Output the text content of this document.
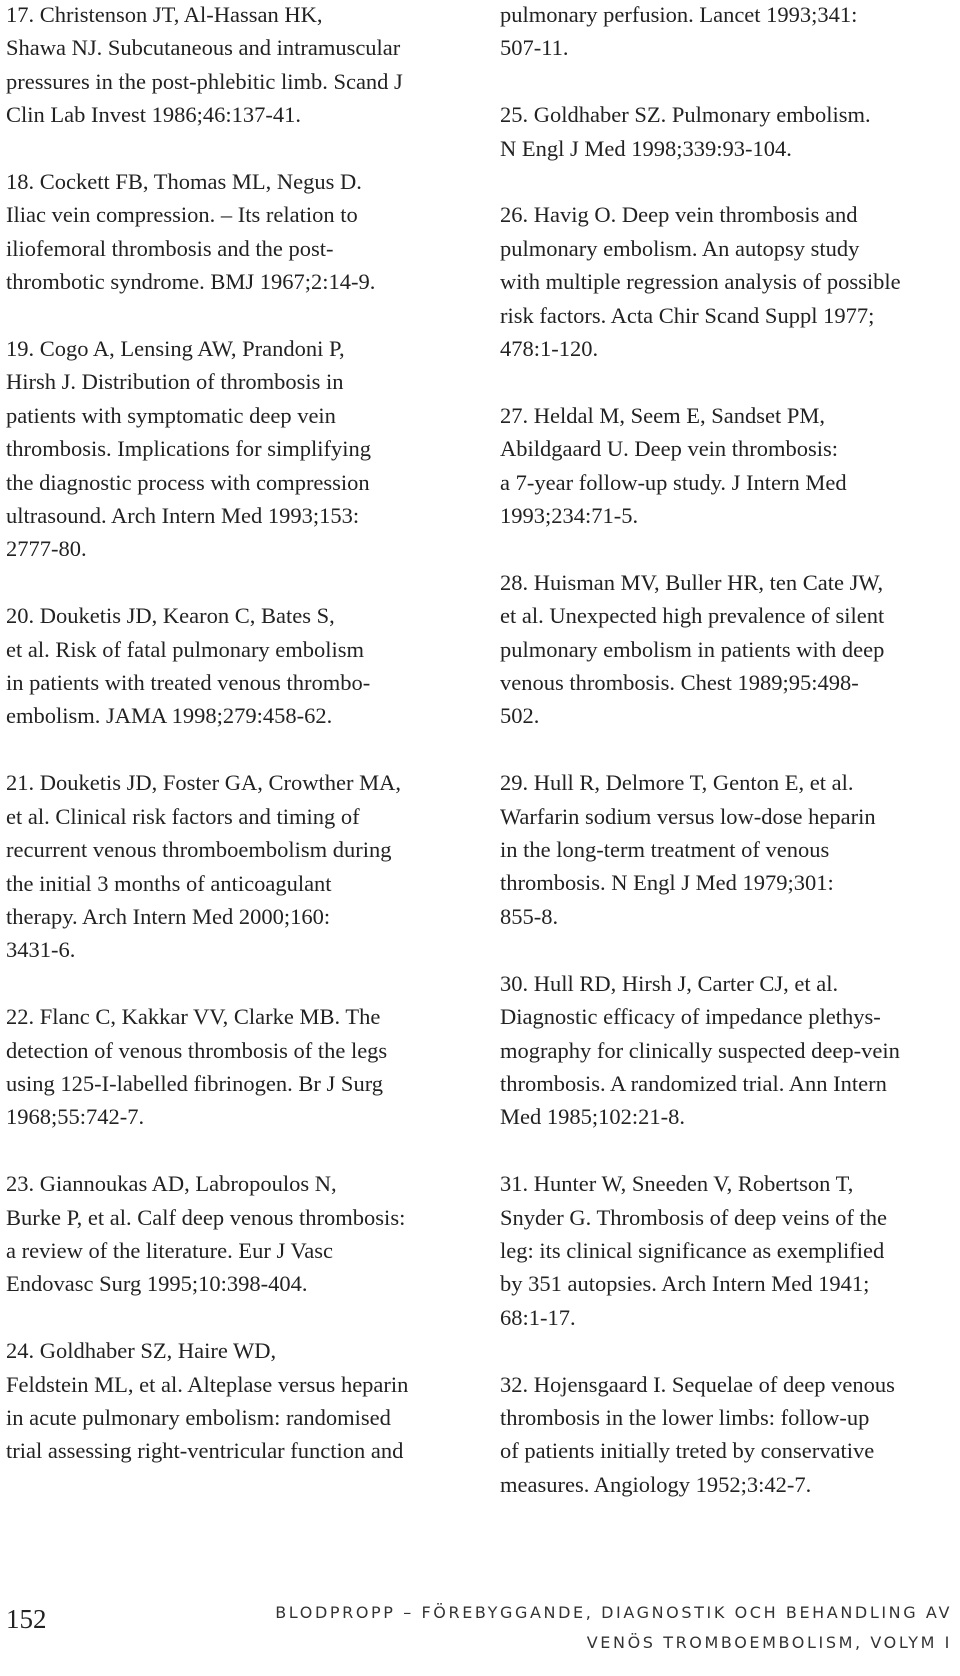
17. Christenson JT, Al-Hassan HK,
Shawa NJ. Subcutaneous and intramuscular
pressures in the post-phlebitic limb. Scand J
Clin Lab Invest 1986;46:137-41.
18. Cockett FB, Thomas ML, Negus D.
Iliac vein compression. – Its relation to
iliofemoral thrombosis and the post-
thrombotic syndrome. BMJ 1967;2:14-9.
19. Cogo A, Lensing AW, Prandoni P,
Hirsh J. Distribution of thrombosis in
patients with symptomatic deep vein
thrombosis. Implications for simplifying
the diagnostic process with compression
ultrasound. Arch Intern Med 1993;153:
2777-80.
20. Douketis JD, Kearon C, Bates S,
et al. Risk of fatal pulmonary embolism
in patients with treated venous thrombo-
embolism. JAMA 1998;279:458-62.
21. Douketis JD, Foster GA, Crowther MA,
et al. Clinical risk factors and timing of
recurrent venous thromboembolism during
the initial 3 months of anticoagulant
therapy. Arch Intern Med 2000;160:
3431-6.
22. Flanc C, Kakkar VV, Clarke MB. The
detection of venous thrombosis of the legs
using 125-I-labelled fibrinogen. Br J Surg
1968;55:742-7.
23. Giannoukas AD, Labropoulos N,
Burke P, et al. Calf deep venous thrombosis:
a review of the literature. Eur J Vasc
Endovasc Surg 1995;10:398-404.
24. Goldhaber SZ, Haire WD,
Feldstein ML, et al. Alteplase versus heparin
in acute pulmonary embolism: randomised
trial assessing right-ventricular function and
pulmonary perfusion. Lancet 1993;341:
507-11.
25. Goldhaber SZ. Pulmonary embolism.
N Engl J Med 1998;339:93-104.
26. Havig O. Deep vein thrombosis and
pulmonary embolism. An autopsy study
with multiple regression analysis of possible
risk factors. Acta Chir Scand Suppl 1977;
478:1-120.
27. Heldal M, Seem E, Sandset PM,
Abildgaard U. Deep vein thrombosis:
a 7-year follow-up study. J Intern Med
1993;234:71-5.
28. Huisman MV, Buller HR, ten Cate JW,
et al. Unexpected high prevalence of silent
pulmonary embolism in patients with deep
venous thrombosis. Chest 1989;95:498-
502.
29. Hull R, Delmore T, Genton E, et al.
Warfarin sodium versus low-dose heparin
in the long-term treatment of venous
thrombosis. N Engl J Med 1979;301:
855-8.
30. Hull RD, Hirsh J, Carter CJ, et al.
Diagnostic efficacy of impedance plethys-
mography for clinically suspected deep-vein
thrombosis. A randomized trial. Ann Intern
Med 1985;102:21-8.
31. Hunter W, Sneeden V, Robertson T,
Snyder G. Thrombosis of deep veins of the
leg: its clinical significance as exemplified
by 351 autopsies. Arch Intern Med 1941;
68:1-17.
32. Hojensgaard I. Sequelae of deep venous
thrombosis in the lower limbs: follow-up
of patients initially treted by conservative
measures. Angiology 1952;3:42-7.
152	BLODPROPP – FÖREBYGGANDE, DIAGNOSTIK OCH BEHANDLING AV
VENÖS TROMBOEMBOLISM, VOLYM I
